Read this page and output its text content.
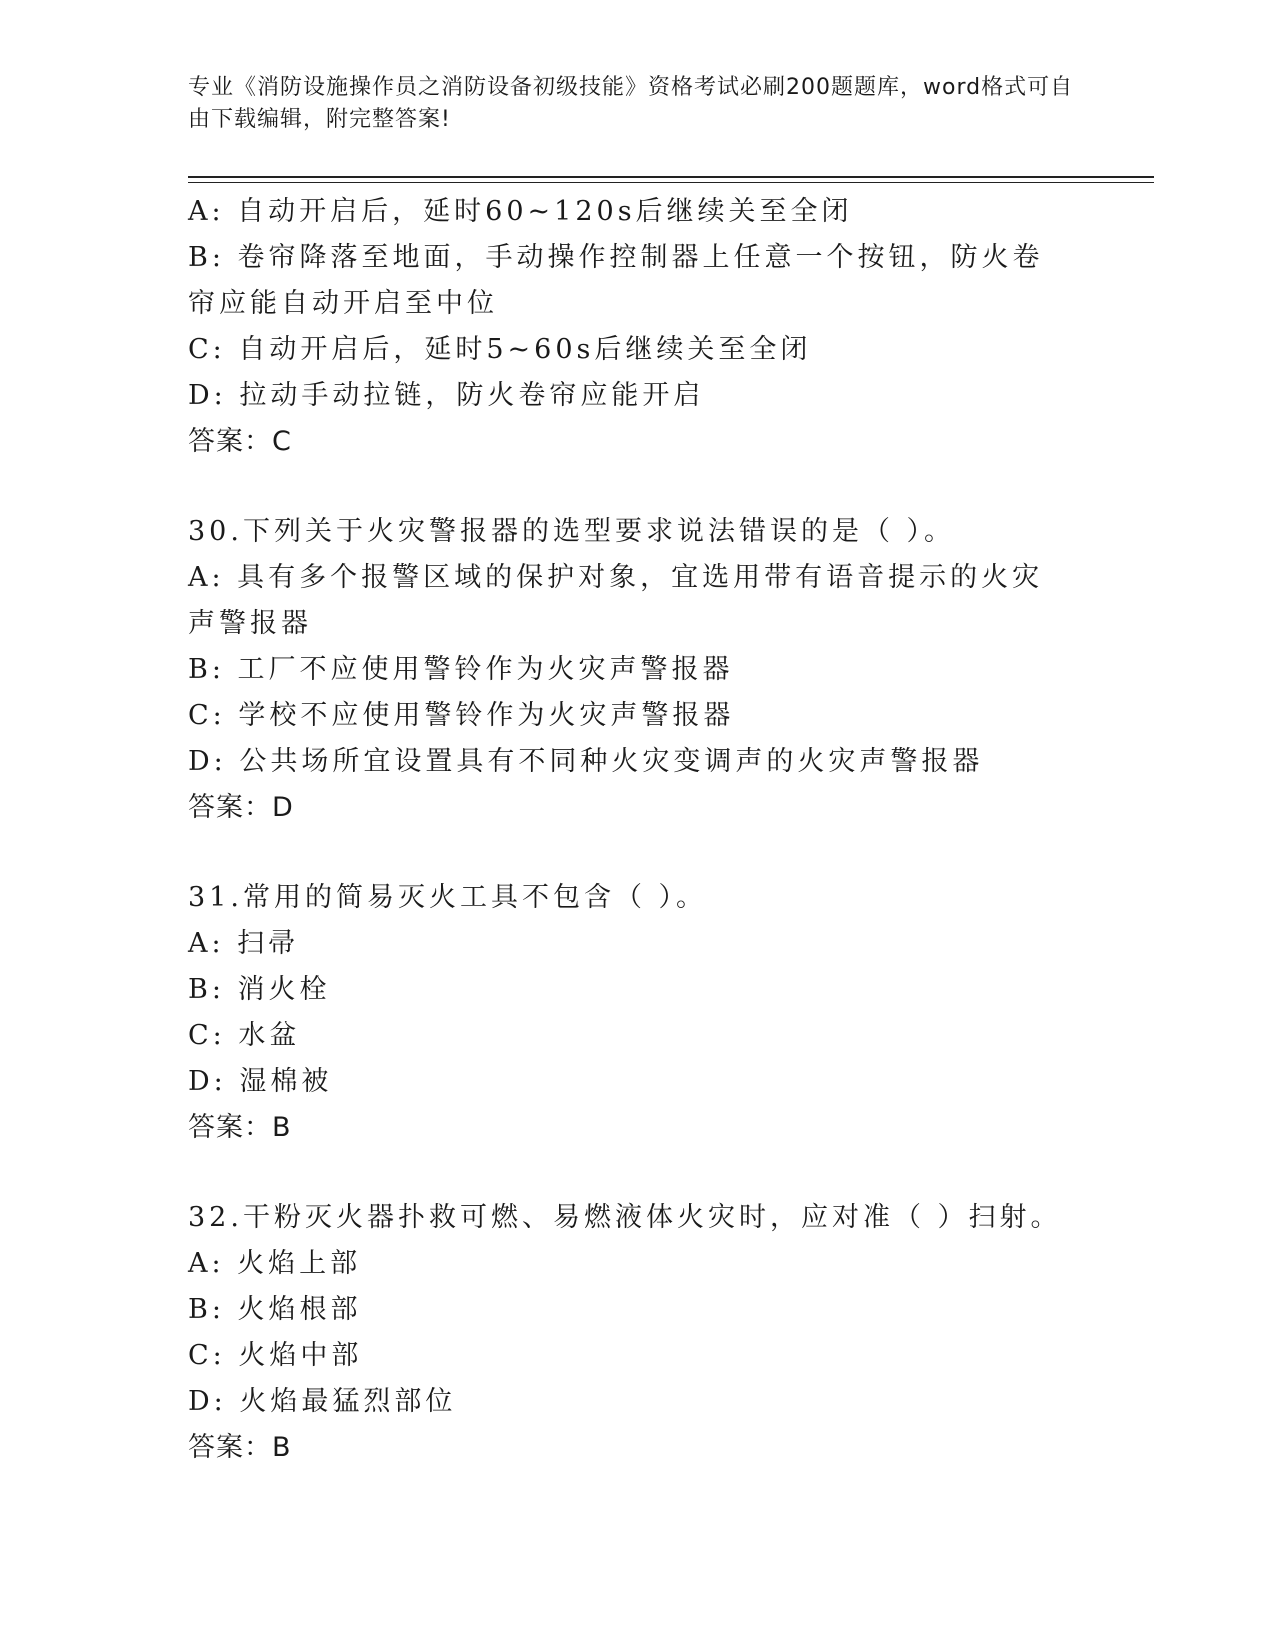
专业《消防设施操作员之消防设备初级技能》资格考试必刷200题题库，word格式可自由下载编辑，附完整答案!
A: 自动开启后，延时60~120s后继续关至全闭
B: 卷帘降落至地面，手动操作控制器上任意一个按钮，防火卷帘应能自动开启至中位
C: 自动开启后，延时5~60s后继续关至全闭
D: 拉动手动拉链，防火卷帘应能开启
答案：C
30.下列关于火灾警报器的选型要求说法错误的是（ ）。
A: 具有多个报警区域的保护对象，宜选用带有语音提示的火灾声警报器
B: 工厂不应使用警铃作为火灾声警报器
C: 学校不应使用警铃作为火灾声警报器
D: 公共场所宜设置具有不同种火灾变调声的火灾声警报器
答案：D
31.常用的简易灭火工具不包含（ ）。
A: 扫帚
B: 消火栓
C: 水盆
D: 湿棉被
答案：B
32.干粉灭火器扑救可燃、易燃液体火灾时，应对准（ ）扫射。
A: 火焰上部
B: 火焰根部
C: 火焰中部
D: 火焰最猛烈部位
答案：B
